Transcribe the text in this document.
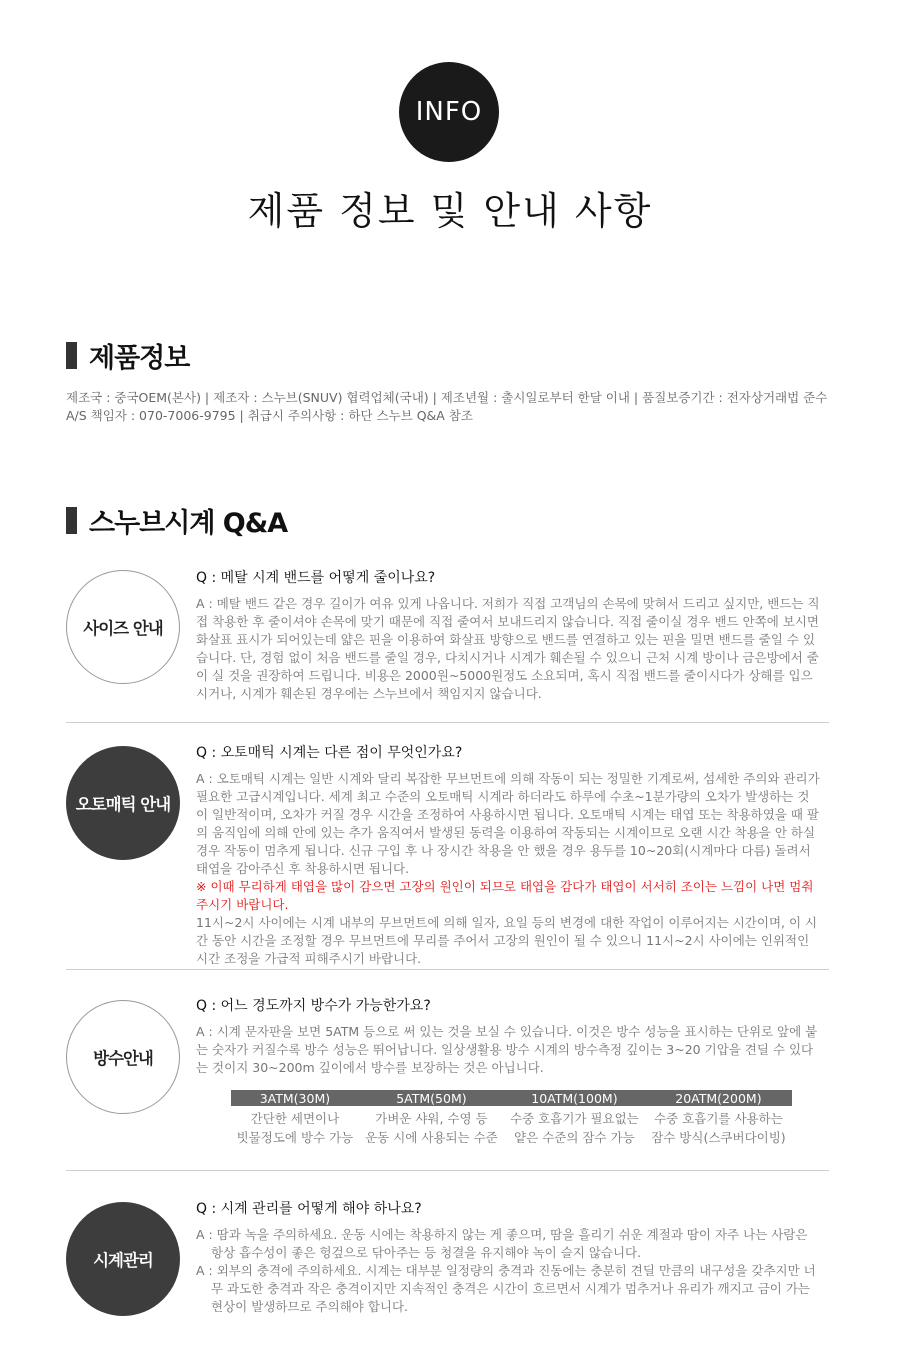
INFO
제품 정보 및 안내 사항
제품정보
제조국 : 중국OEM(본사) | 제조자 : 스누브(SNUV) 협력업체(국내) | 제조년월 : 출시일로부터 한달 이내 | 품질보증기간 : 전자상거래법 준수
A/S 책임자 : 070-7006-9795 | 취급시 주의사항 : 하단 스누브 Q&A 참조
스누브시계 Q&A
사이즈 안내

Q : 메탈 시계 밴드를 어떻게 줄이나요?

A : 메탈 밴드 같은 경우 길이가 여유 있게 나옵니다. 저희가 직접 고객님의 손목에 맞혀서 드리고 싶지만, 밴드는 직접 착용한 후 줄이셔야 손목에 맞기 때문에 직접 줄여서 보내드리지 않습니다. 직접 줄이실 경우 밴드 안쪽에 보시면 화살표 표시가 되어있는데 얇은 핀을 이용하여 화살표 방향으로 밴드를 연결하고 있는 핀을 밀면 밴드를 줄일 수 있습니다. 단, 경험 없이 처음 밴드를 줄일 경우, 다치시거나 시계가 훼손될 수 있으니 근처 시계 방이나 금은방에서 줄이 실 것을 권장하여 드립니다. 비용은 2000원~5000원정도 소요되며, 혹시 직접 밴드를 줄이시다가 상해를 입으시거나, 시계가 훼손된 경우에는 스누브에서 책임지지 않습니다.

오토매틱 안내

Q : 오토매틱 시계는 다른 점이 무엇인가요?

A : 오토매틱 시계는 일반 시계와 달리 복잡한 무브먼트에 의해 작동이 되는 정밀한 기계로써, 섬세한 주의와 관리가 필요한 고급시계입니다. 세계 최고 수준의 오토매틱 시계라 하더라도 하루에 수초~1분가량의 오차가 발생하는 것이 일반적이며, 오차가 커질 경우 시간을 조정하여 사용하시면 됩니다. 오토매틱 시계는 태엽 또는 착용하였을 때 팔의 움직임에 의해 안에 있는 추가 움직여서 발생된 동력을 이용하여 작동되는 시계이므로 오랜 시간 착용을 안 하실 경우 작동이 멈추게 됩니다. 신규 구입 후 나 장시간 착용을 안 했을 경우 용두를 10~20회(시계마다 다름) 돌려서 태엽을 감아주신 후 착용하시면 됩니다.

※ 이때 무리하게 태엽을 많이 감으면 고장의 원인이 되므로 태엽을 감다가 태엽이 서서히 조이는 느낌이 나면 멈춰주시기 바랍니다.

11시~2시 사이에는 시계 내부의 무브먼트에 의해 일자, 요일 등의 변경에 대한 작업이 이루어지는 시간이며, 이 시간 동안 시간을 조정할 경우 무브먼트에 무리를 주어서 고장의 원인이 될 수 있으니 11시~2시 사이에는 인위적인 시간 조정을 가급적 피해주시기 바랍니다.

방수안내

Q : 어느 경도까지 방수가 가능한가요?

A : 시계 문자판을 보면 5ATM 등으로 써 있는 것을 보실 수 있습니다. 이것은 방수 성능을 표시하는 단위로 앞에 붙는 숫자가 커질수록 방수 성능은 뛰어납니다. 일상생활용 방수 시계의 방수측정 깊이는 3~20 기압을 견딜 수 있다는 것이지 30~200m 깊이에서 방수를 보장하는 것은 아닙니다.

3ATM(30M)	5ATM(50M)	10ATM(100M)	20ATM(200M)
간단한 세면이나	가벼운 샤워, 수영 등	수중 호흡기가 필요없는	수중 호흡기를 사용하는
빗물정도에 방수 가능	운동 시에 사용되는 수준	얕은 수준의 잠수 가능	잠수 방식(스쿠버다이빙)
시계관리

Q : 시계 관리를 어떻게 해야 하나요?

A : 땀과 녹을 주의하세요. 운동 시에는 착용하지 않는 게 좋으며, 땀을 흘리기 쉬운 계절과 땀이 자주 나는 사람은 항상 흡수성이 좋은 헝겊으로 닦아주는 등 청결을 유지해야 녹이 슬지 않습니다.

A : 외부의 충격에 주의하세요. 시계는 대부분 일정량의 충격과 진동에는 충분히 견딜 만큼의 내구성을 갖추지만 너무 과도한 충격과 작은 충격이지만 지속적인 충격은 시간이 흐르면서 시계가 멈추거나 유리가 깨지고 금이 가는 현상이 발생하므로 주의해야 합니다.
